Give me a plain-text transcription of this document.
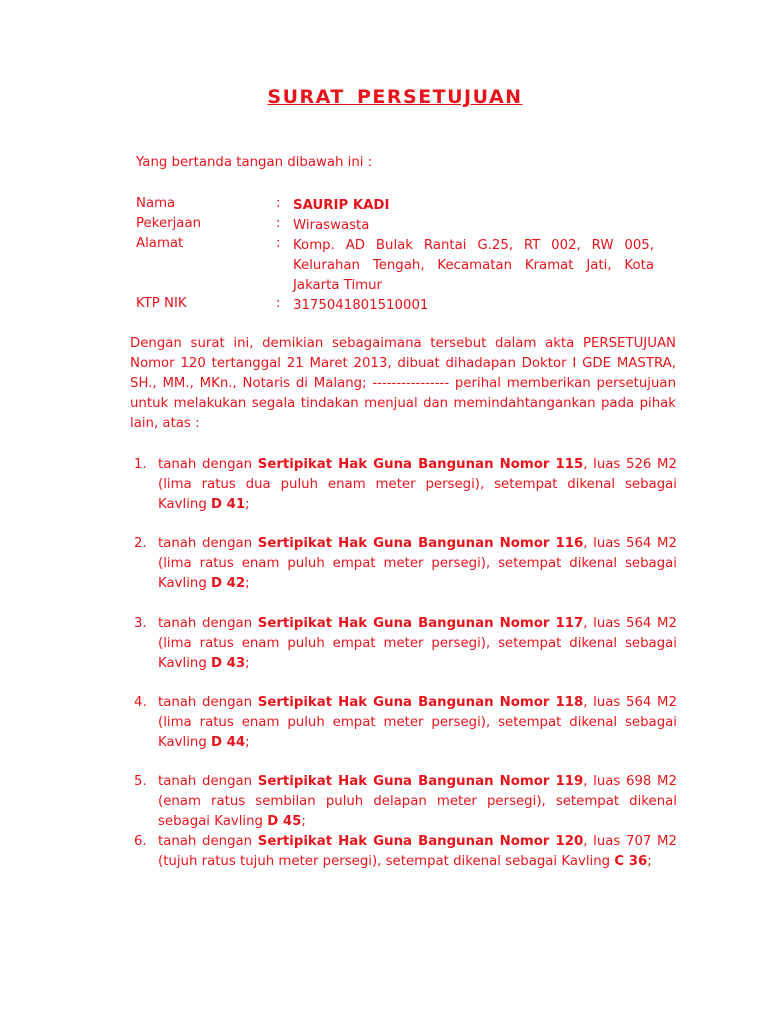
SURAT PERSETUJUAN
Yang bertanda tangan dibawah ini :
Nama	: SAURIP KADI
Pekerjaan	: Wiraswasta
Alamat	: Komp. AD Bulak Rantai G.25, RT 002, RW 005, Kelurahan Tengah, Kecamatan Kramat Jati, Kota Jakarta Timur
KTP NIK	: 3175041801510001
Dengan surat ini, demikian sebagaimana tersebut dalam akta PERSETUJUAN Nomor 120 tertanggal 21 Maret 2013, dibuat dihadapan Doktor I GDE MASTRA, SH., MM., MKn., Notaris di Malang; ---------------- perihal memberikan persetujuan untuk melakukan segala tindakan menjual dan memindahtangankan pada pihak lain, atas :
1. tanah dengan Sertipikat Hak Guna Bangunan Nomor 115, luas 526 M2 (lima ratus dua puluh enam meter persegi), setempat dikenal sebagai Kavling D 41;
2. tanah dengan Sertipikat Hak Guna Bangunan Nomor 116, luas 564 M2 (lima ratus enam puluh empat meter persegi), setempat dikenal sebagai Kavling D 42;
3. tanah dengan Sertipikat Hak Guna Bangunan Nomor 117, luas 564 M2 (lima ratus enam puluh empat meter persegi), setempat dikenal sebagai Kavling D 43;
4. tanah dengan Sertipikat Hak Guna Bangunan Nomor 118, luas 564 M2 (lima ratus enam puluh empat meter persegi), setempat dikenal sebagai Kavling D 44;
5. tanah dengan Sertipikat Hak Guna Bangunan Nomor 119, luas 698 M2 (enam ratus sembilan puluh delapan meter persegi), setempat dikenal sebagai Kavling D 45;
6. tanah dengan Sertipikat Hak Guna Bangunan Nomor 120, luas 707 M2 (tujuh ratus tujuh meter persegi), setempat dikenal sebagai Kavling C 36;
